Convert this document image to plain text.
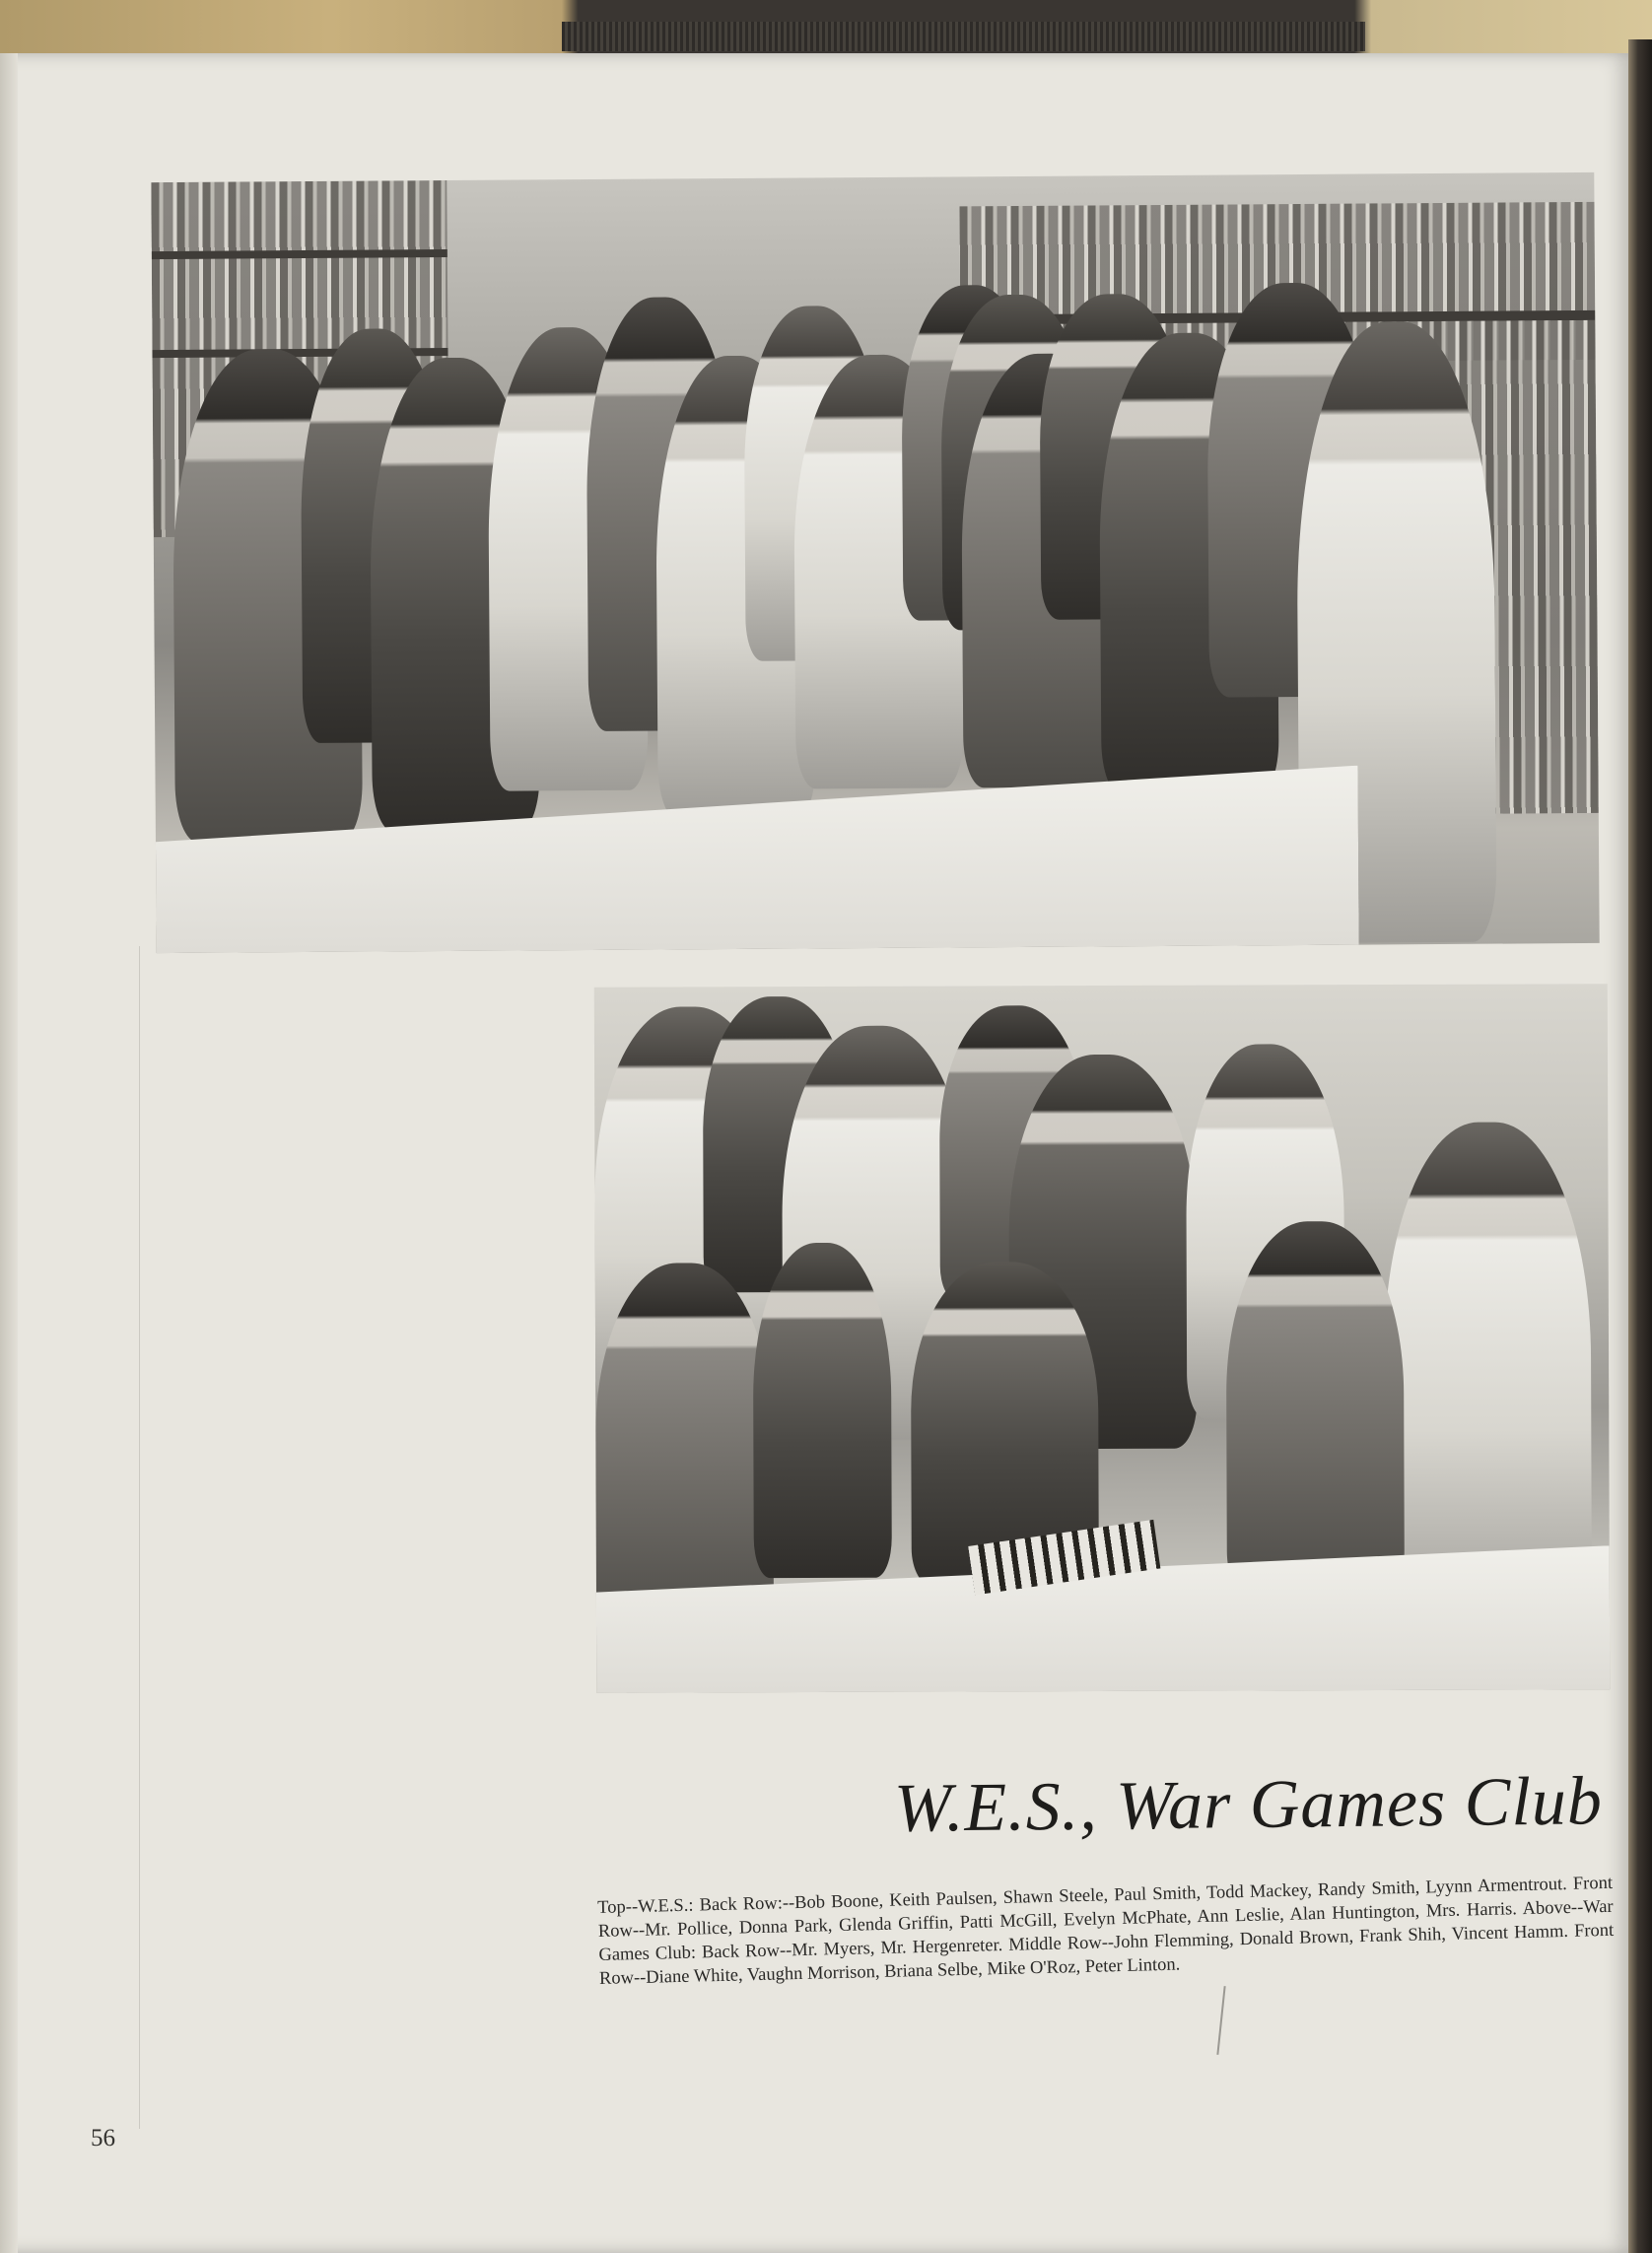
W.E.S., War Games Club

Top--W.E.S.: Back Row:--Bob Boone, Keith Paulsen, Shawn Steele, Paul Smith, Todd Mackey, Randy Smith, Lyynn Armentrout. Front Row--Mr. Pollice, Donna Park, Glenda Griffin, Patti McGill, Evelyn McPhate, Ann Leslie, Alan Huntington, Mrs. Harris. Above--War Games Club: Back Row--Mr. Myers, Mr. Hergenreter. Middle Row--John Flemming, Donald Brown, Frank Shih, Vincent Hamm. Front Row--Diane White, Vaughn Morrison, Briana Selbe, Mike O'Roz, Peter Linton.

56
